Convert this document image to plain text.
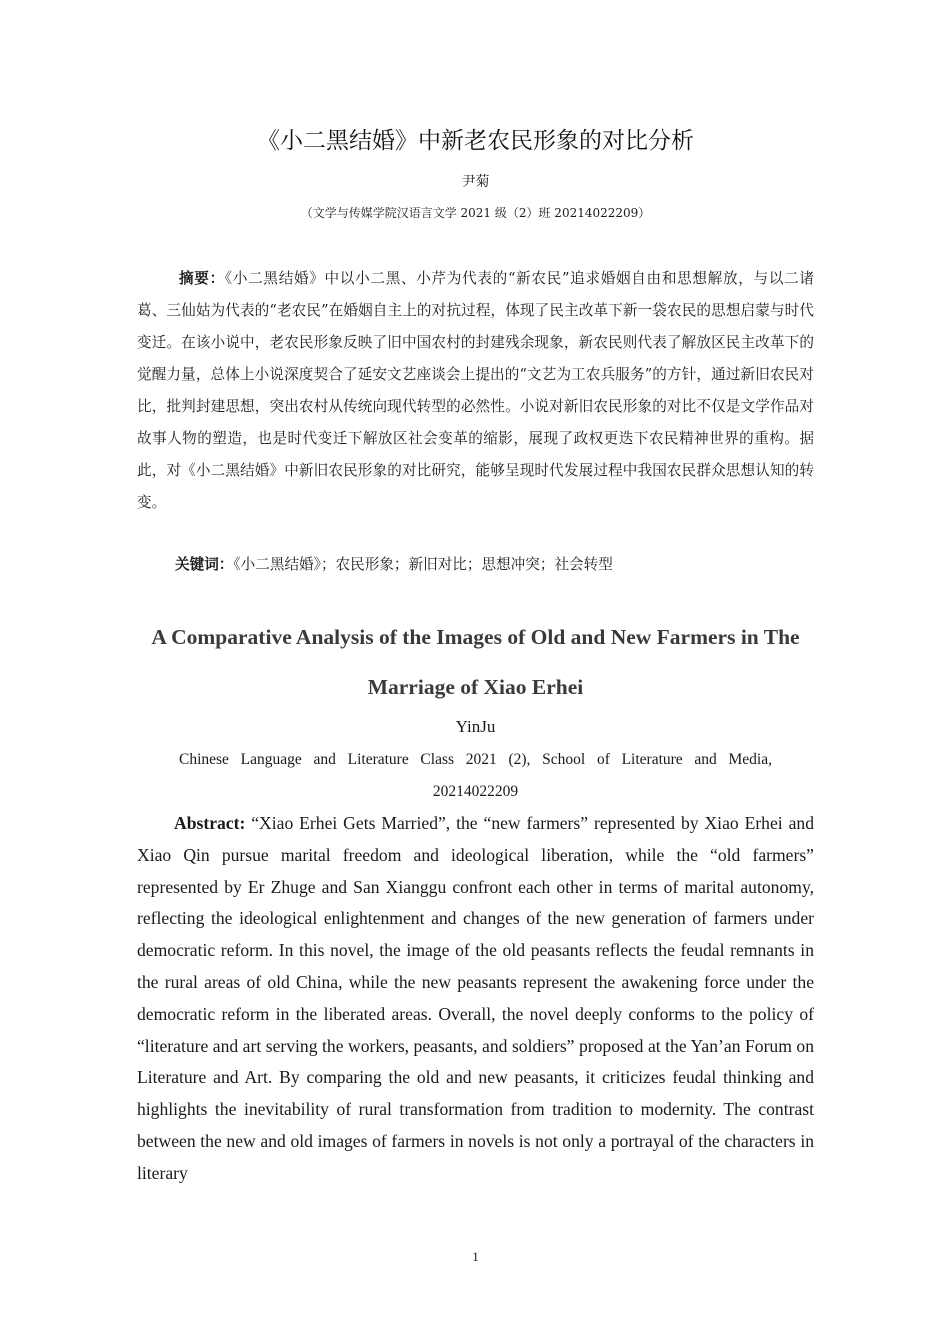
《小二黑结婚》中新老农民形象的对比分析
尹菊
（文学与传媒学院汉语言文学 2021 级（2）班 20214022209）

摘要：《小二黑结婚》中以小二黑、小芹为代表的“新农民”追求婚姻自由和思想解放，与以二诸葛、三仙姑为代表的“老农民”在婚姻自主上的对抗过程，体现了民主改革下新一袋农民的思想启蒙与时代变迁。在该小说中，老农民形象反映了旧中国农村的封建残余现象，新农民则代表了解放区民主改革下的觉醒力量，总体上小说深度契合了延安文艺座谈会上提出的“文艺为工农兵服务”的方针，通过新旧农民对比，批判封建思想，突出农村从传统向现代转型的必然性。小说对新旧农民形象的对比不仅是文学作品对故事人物的塑造，也是时代变迁下解放区社会变革的缩影，展现了政权更迭下农民精神世界的重构。据此，对《小二黑结婚》中新旧农民形象的对比研究，能够呈现时代发展过程中我国农民群众思想认知的转变。

关键词：《小二黑结婚》；农民形象；新旧对比；思想冲突；社会转型

A Comparative Analysis of the Images of Old and New Farmers in The Marriage of Xiao Erhei
YinJu

Chinese Language and Literature Class 2021 (2), School of Literature and Media, 20214022209

Abstract: “Xiao Erhei Gets Married”, the “new farmers” represented by Xiao Erhei and Xiao Qin pursue marital freedom and ideological liberation, while the “old farmers” represented by Er Zhuge and San Xianggu confront each other in terms of marital autonomy, reflecting the ideological enlightenment and changes of the new generation of farmers under democratic reform. In this novel, the image of the old peasants reflects the feudal remnants in the rural areas of old China, while the new peasants represent the awakening force under the democratic reform in the liberated areas. Overall, the novel deeply conforms to the policy of “literature and art serving the workers, peasants, and soldiers” proposed at the Yan’an Forum on Literature and Art. By comparing the old and new peasants, it criticizes feudal thinking and highlights the inevitability of rural transformation from tradition to modernity. The contrast between the new and old images of farmers in novels is not only a portrayal of the characters in literary

1
